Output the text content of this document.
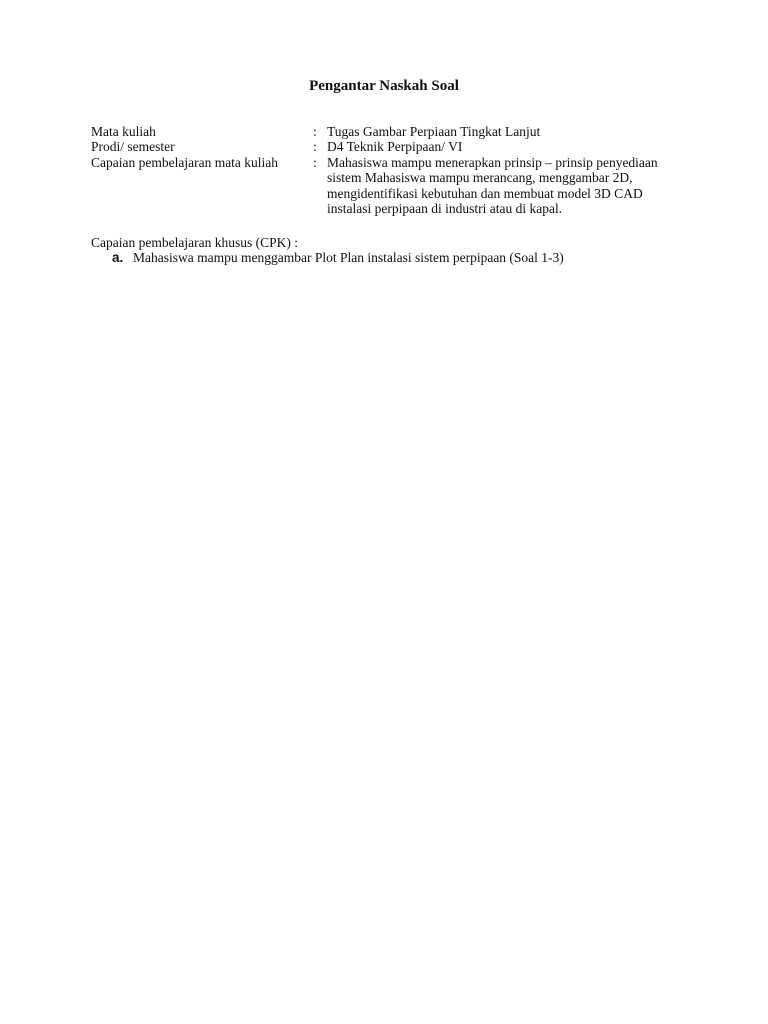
Pengantar Naskah Soal
Mata kuliah	: Tugas Gambar Perpiaan Tingkat Lanjut
Prodi/ semester	: D4 Teknik Perpipaan/ VI
Capaian pembelajaran mata kuliah	: Mahasiswa mampu menerapkan prinsip – prinsip penyediaan
sistem Mahasiswa mampu merancang, menggambar 2D,
mengidentifikasi kebutuhan dan membuat model 3D CAD
instalasi perpipaan di industri atau di kapal.
Capaian pembelajaran khusus (CPK) :
a. Mahasiswa mampu menggambar Plot Plan instalasi sistem perpipaan (Soal 1-3)
